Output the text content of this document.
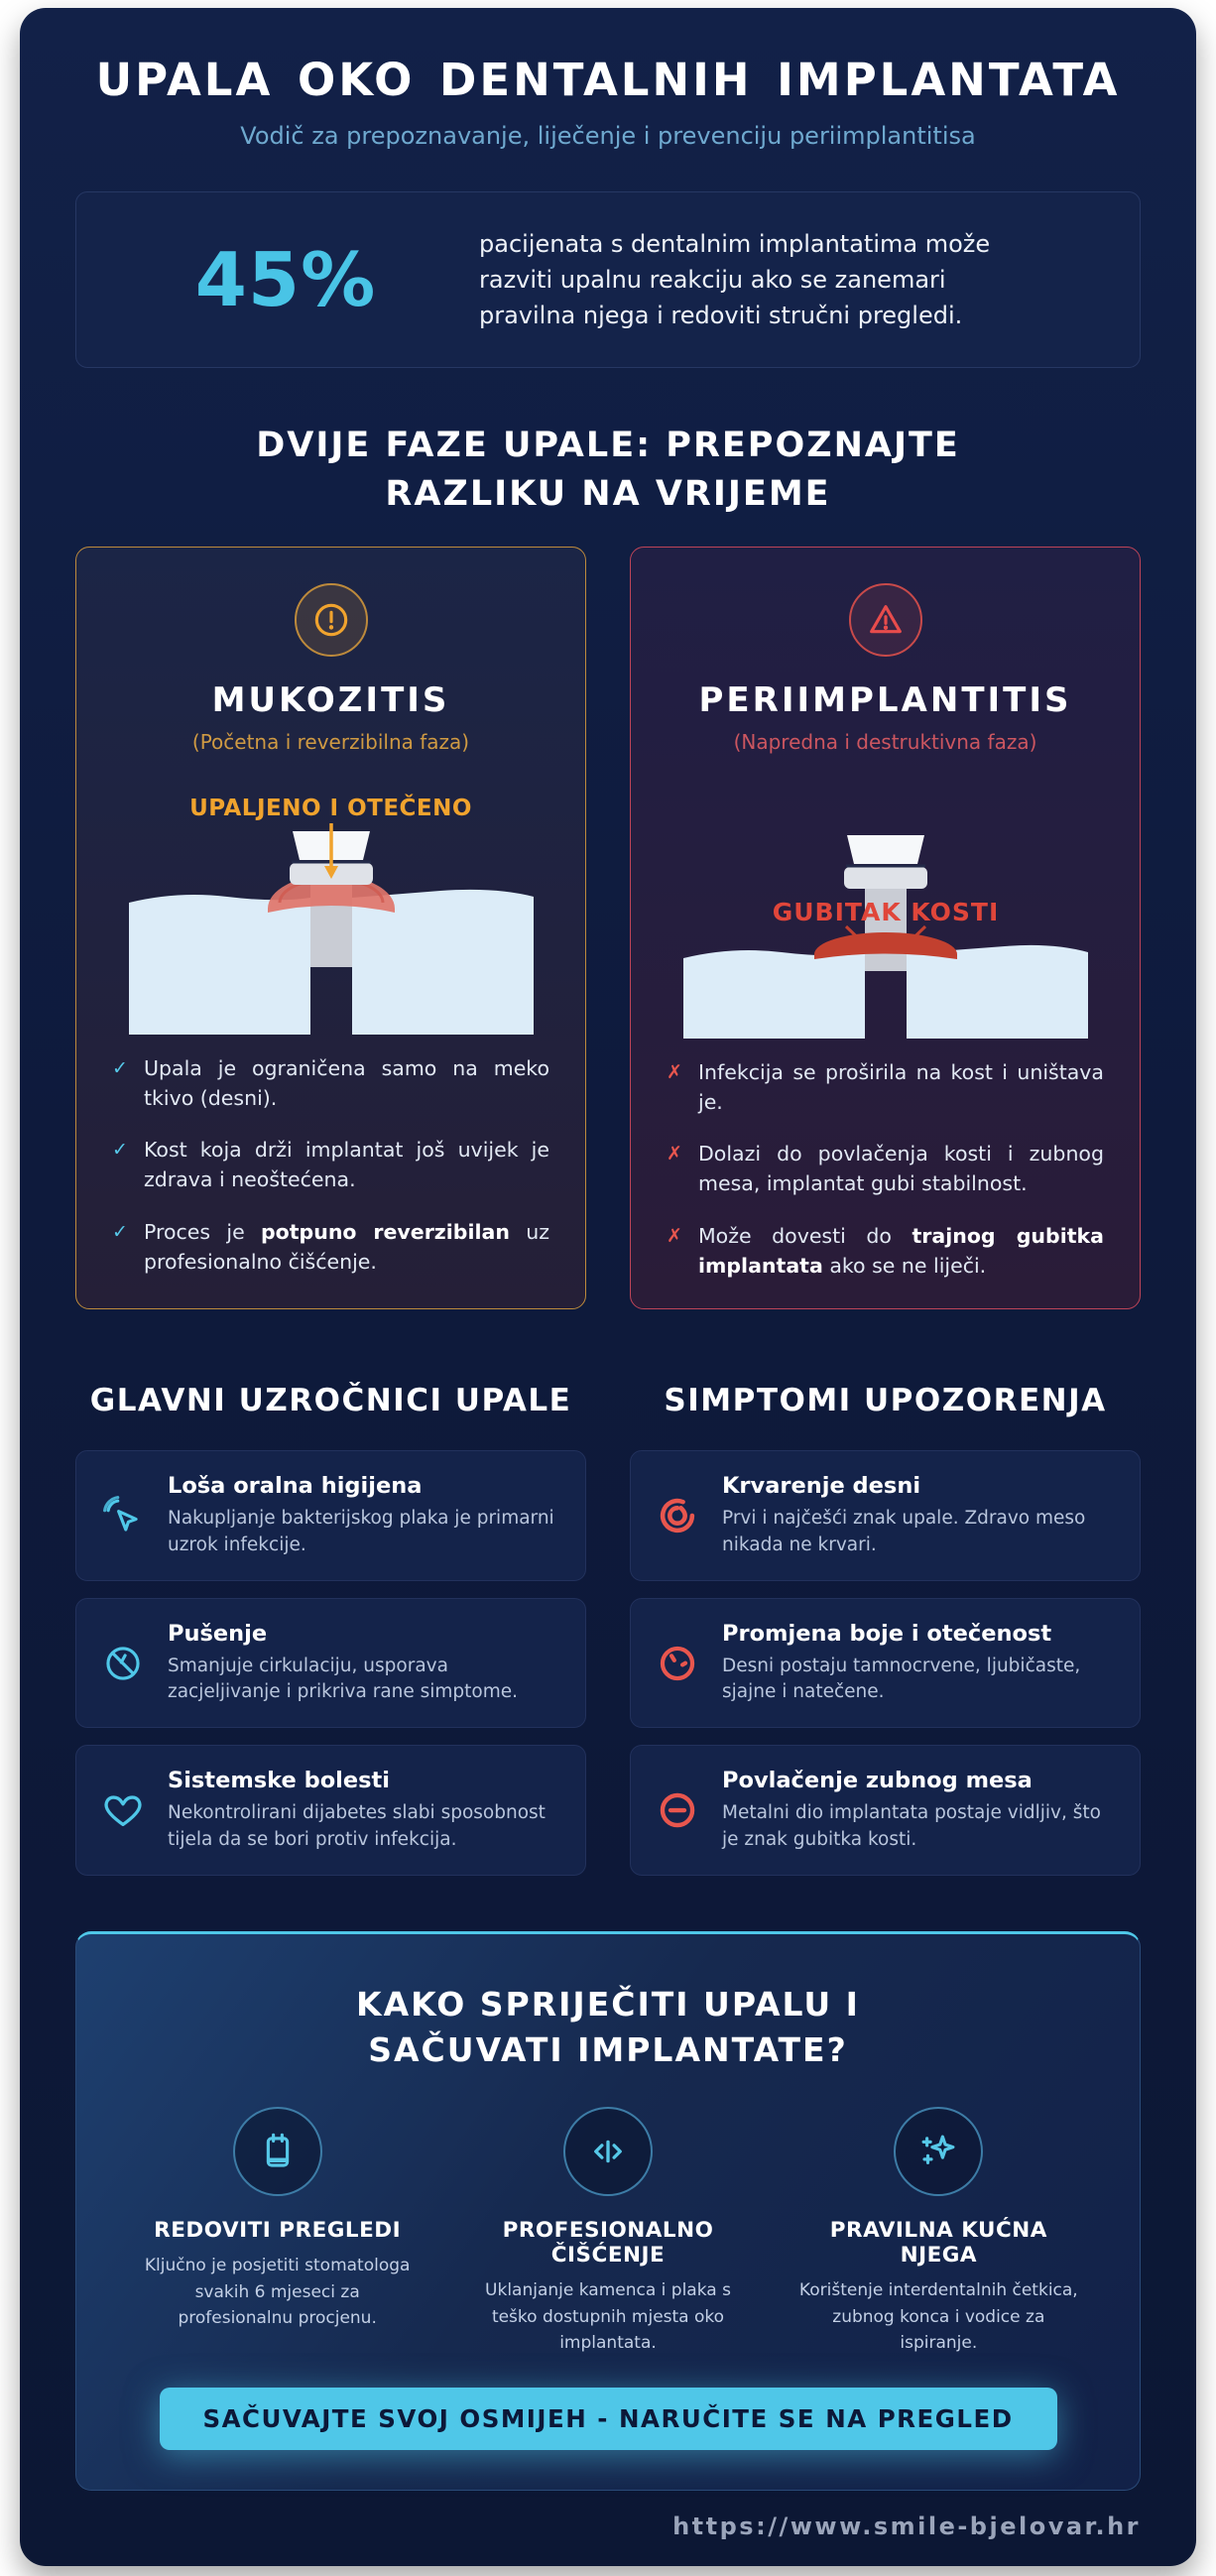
UPALA OKO DENTALNIH IMPLANTATA
Vodič za prepoznavanje, liječenje i prevenciju periimplantitisa
45%	pacijenata s dentalnim implantatima može razviti upalnu reakciju ako se zanemari pravilna njega i redoviti stručni pregledi.
DVIJE FAZE UPALE: PREPOZNAJTE RAZLIKU NA VRIJEME
MUKOZITIS
(Početna i reverzibilna faza)
UPALJENO I OTEČENO
✓ Upala je ograničena samo na meko tkivo (desni).
✓ Kost koja drži implantat još uvijek je zdrava i neoštećena.
✓ Proces je potpuno reverzibilan uz profesionalno čišćenje.
PERIIMPLANTITIS
(Napredna i destruktivna faza)
GUBITAK KOSTI
✗ Infekcija se proširila na kost i uništava je.
✗ Dolazi do povlačenja kosti i zubnog mesa, implantat gubi stabilnost.
✗ Može dovesti do trajnog gubitka implantata ako se ne liječi.
GLAVNI UZROČNICI UPALE
Loša oralna higijena
Nakupljanje bakterijskog plaka je primarni uzrok infekcije.
Pušenje
Smanjuje cirkulaciju, usporava zacjeljivanje i prikriva rane simptome.
Sistemske bolesti
Nekontrolirani dijabetes slabi sposobnost tijela da se bori protiv infekcija.
SIMPTOMI UPOZORENJA
Krvarenje desni
Prvi i najčešći znak upale. Zdravo meso nikada ne krvari.
Promjena boje i otečenost
Desni postaju tamnocrvene, ljubičaste, sjajne i natečene.
Povlačenje zubnog mesa
Metalni dio implantata postaje vidljiv, što je znak gubitka kosti.
KAKO SPRIJEČITI UPALU I SAČUVATI IMPLANTATE?
REDOVITI PREGLEDI
Ključno je posjetiti stomatologa svakih 6 mjeseci za profesionalnu procjenu.
PROFESIONALNO ČIŠĆENJE
Uklanjanje kamenca i plaka s teško dostupnih mjesta oko implantata.
PRAVILNA KUĆNA NJEGA
Korištenje interdentalnih četkica, zubnog konca i vodice za ispiranje.
SAČUVAJTE SVOJ OSMIJEH - NARUČITE SE NA PREGLED
https://www.smile-bjelovar.hr
